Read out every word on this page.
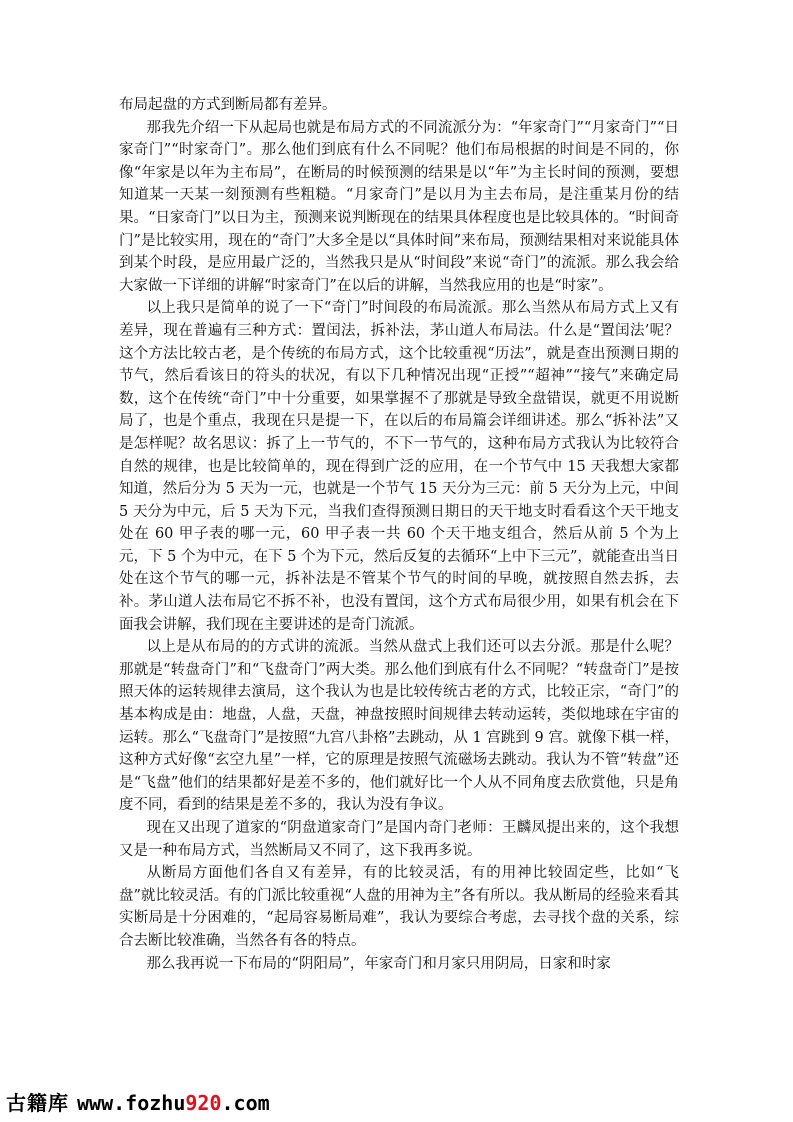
布局起盘的方式到断局都有差异。

那我先介绍一下从起局也就是布局方式的不同流派分为：“年家奇门”“月家奇门”“日家奇门”“时家奇门”。那么他们到底有什么不同呢？他们布局根据的时间是不同的，你像“年家是以年为主布局”，在断局的时候预测的结果是以“年”为主长时间的预测，要想知道某一天某一刻预测有些粗糙。“月家奇门”是以月为主去布局，是注重某月份的结果。“日家奇门”以日为主，预测来说判断现在的结果具体程度也是比较具体的。“时间奇门”是比较实用，现在的“奇门”大多全是以“具体时间”来布局，预测结果相对来说能具体到某个时段，是应用最广泛的，当然我只是从“时间段”来说“奇门”的流派。那么我会给大家做一下详细的讲解“时家奇门”在以后的讲解，当然我应用的也是“时家”。

以上我只是简单的说了一下“奇门”时间段的布局流派。那么当然从布局方式上又有差异，现在普遍有三种方式：置闰法，拆补法，茅山道人布局法。什么是“置闰法’呢？这个方法比较古老，是个传统的布局方式，这个比较重视“历法”，就是查出预测日期的节气，然后看该日的符头的状况，有以下几种情况出现“正授”“超神”“接气”来确定局数，这个在传统“奇门”中十分重要，如果掌握不了那就是导致全盘错误，就更不用说断局了，也是个重点，我现在只是提一下，在以后的布局篇会详细讲述。那么“拆补法”又是怎样呢？故名思议：拆了上一节气的，不下一节气的，这种布局方式我认为比较符合自然的规律，也是比较简单的，现在得到广泛的应用，在一个节气中 15 天我想大家都知道，然后分为 5 天为一元，也就是一个节气 15 天分为三元：前 5 天分为上元，中间 5 天分为中元，后 5 天为下元，当我们查得预测日期日的天干地支时看看这个天干地支处在 60 甲子表的哪一元，60 甲子表一共 60 个天干地支组合，然后从前 5 个为上元，下 5 个为中元，在下 5 个为下元，然后反复的去循环“上中下三元”，就能查出当日处在这个节气的哪一元，拆补法是不管某个节气的时间的早晚，就按照自然去拆，去补。茅山道人法布局它不拆不补，也没有置闰，这个方式布局很少用，如果有机会在下面我会讲解，我们现在主要讲述的是奇门流派。

以上是从布局的的方式讲的流派。当然从盘式上我们还可以去分派。那是什么呢？那就是“转盘奇门”和“飞盘奇门”两大类。那么他们到底有什么不同呢？“转盘奇门”是按照天体的运转规律去演局，这个我认为也是比较传统古老的方式，比较正宗，“奇门”的基本构成是由：地盘，人盘，天盘，神盘按照时间规律去转动运转，类似地球在宇宙的运转。那么“飞盘奇门”是按照“九宫八卦格”去跳动，从 1 宫跳到 9 宫。就像下棋一样，这种方式好像“玄空九星”一样，它的原理是按照气流磁场去跳动。我认为不管“转盘”还是“飞盘”他们的结果都好是差不多的，他们就好比一个人从不同角度去欣赏他，只是角度不同，看到的结果是差不多的，我认为没有争议。

现在又出现了道家的“阴盘道家奇门”是国内奇门老师：王麟凤提出来的，这个我想又是一种布局方式，当然断局又不同了，这下我再多说。

从断局方面他们各自又有差异，有的比较灵活，有的用神比较固定些，比如“飞盘”就比较灵活。有的门派比较重视“人盘的用神为主”各有所以。我从断局的经验来看其实断局是十分困难的，“起局容易断局难”，我认为要综合考虑，去寻找个盘的关系，综合去断比较准确，当然各有各的特点。

那么我再说一下布局的“阴阳局”，年家奇门和月家只用阴局，日家和时家

古籍库 www.fozhu920.com
